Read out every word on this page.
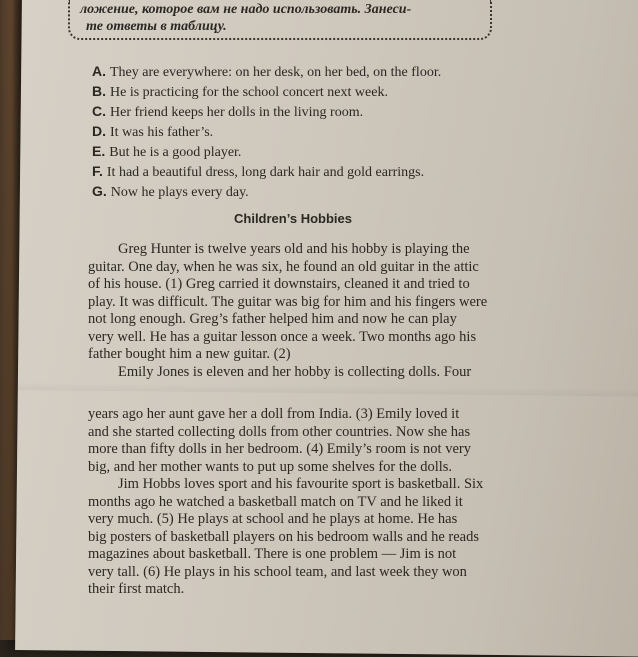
ложение, которое вам не надо использовать. Занеси-
те ответы в таблицу.
A. They are everywhere: on her desk, on her bed, on the floor.
B. He is practicing for the school concert next week.
C. Her friend keeps her dolls in the living room.
D. It was his father’s.
E. But he is a good player.
F. It had a beautiful dress, long dark hair and gold earrings.
G. Now he plays every day.
Children’s Hobbies
Greg Hunter is twelve years old and his hobby is playing the
guitar. One day, when he was six, he found an old guitar in the attic
of his house. (1) Greg carried it downstairs, cleaned it and tried to
play. It was difficult. The guitar was big for him and his fingers were
not long enough. Greg’s father helped him and now he can play
very well. He has a guitar lesson once a week. Two months ago his
father bought him a new guitar. (2)
Emily Jones is eleven and her hobby is collecting dolls. Four
years ago her aunt gave her a doll from India. (3) Emily loved it
and she started collecting dolls from other countries. Now she has
more than fifty dolls in her bedroom. (4) Emily’s room is not very
big, and her mother wants to put up some shelves for the dolls.
Jim Hobbs loves sport and his favourite sport is basketball. Six
months ago he watched a basketball match on TV and he liked it
very much. (5) He plays at school and he plays at home. He has
big posters of basketball players on his bedroom walls and he reads
magazines about basketball. There is one problem — Jim is not
very tall. (6) He plays in his school team, and last week they won
their first match.
